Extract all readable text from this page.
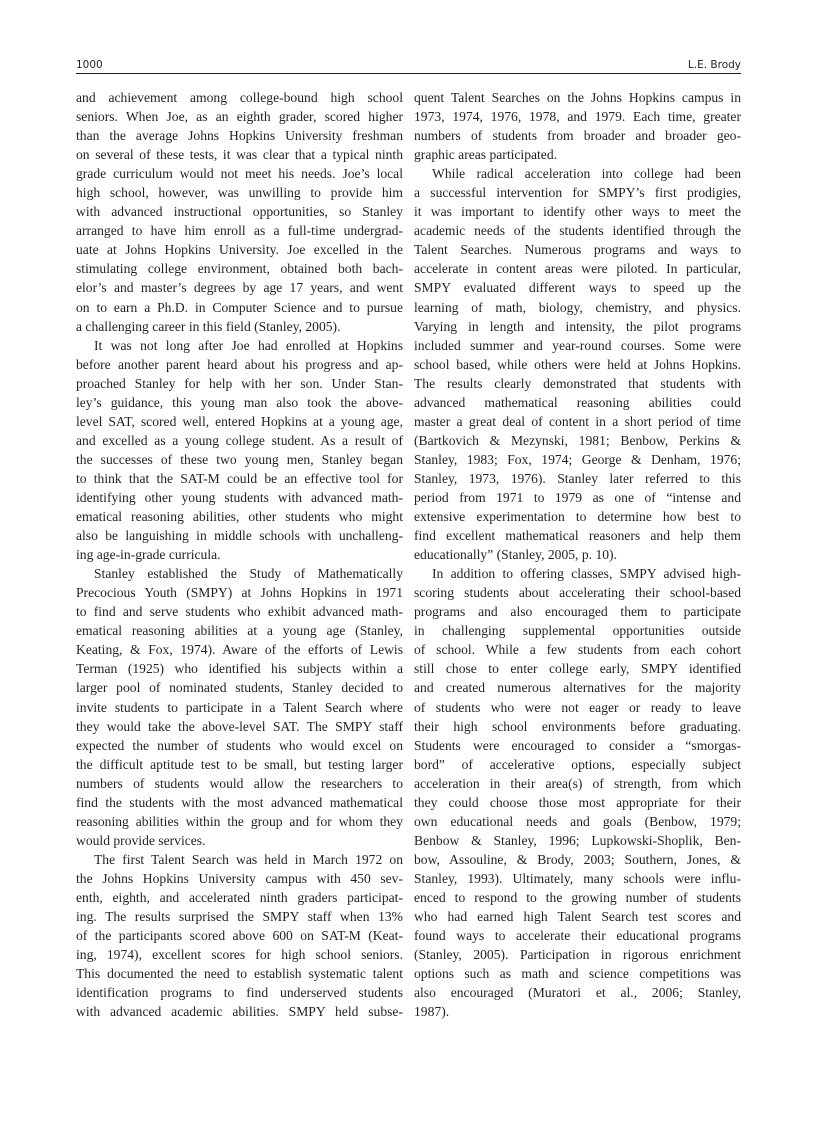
1000	L.E. Brody

and achievement among college-bound high school
seniors. When Joe, as an eighth grader, scored higher
than the average Johns Hopkins University freshman
on several of these tests, it was clear that a typical ninth
grade curriculum would not meet his needs. Joe’s local
high school, however, was unwilling to provide him
with advanced instructional opportunities, so Stanley
arranged to have him enroll as a full-time undergrad-
uate at Johns Hopkins University. Joe excelled in the
stimulating college environment, obtained both bach-
elor’s and master’s degrees by age 17 years, and went
on to earn a Ph.D. in Computer Science and to pursue
a challenging career in this field (Stanley, 2005).

It was not long after Joe had enrolled at Hopkins
before another parent heard about his progress and ap-
proached Stanley for help with her son. Under Stan-
ley’s guidance, this young man also took the above-
level SAT, scored well, entered Hopkins at a young age,
and excelled as a young college student. As a result of
the successes of these two young men, Stanley began
to think that the SAT-M could be an effective tool for
identifying other young students with advanced math-
ematical reasoning abilities, other students who might
also be languishing in middle schools with unchalleng-
ing age-in-grade curricula.

Stanley established the Study of Mathematically
Precocious Youth (SMPY) at Johns Hopkins in 1971
to find and serve students who exhibit advanced math-
ematical reasoning abilities at a young age (Stanley,
Keating, & Fox, 1974). Aware of the efforts of Lewis
Terman (1925) who identified his subjects within a
larger pool of nominated students, Stanley decided to
invite students to participate in a Talent Search where
they would take the above-level SAT. The SMPY staff
expected the number of students who would excel on
the difficult aptitude test to be small, but testing larger
numbers of students would allow the researchers to
find the students with the most advanced mathematical
reasoning abilities within the group and for whom they
would provide services.

The first Talent Search was held in March 1972 on
the Johns Hopkins University campus with 450 sev-
enth, eighth, and accelerated ninth graders participat-
ing. The results surprised the SMPY staff when 13%
of the participants scored above 600 on SAT-M (Keat-
ing, 1974), excellent scores for high school seniors.
This documented the need to establish systematic talent
identification programs to find underserved students
with advanced academic abilities. SMPY held subse-

quent Talent Searches on the Johns Hopkins campus in
1973, 1974, 1976, 1978, and 1979. Each time, greater
numbers of students from broader and broader geo-
graphic areas participated.

While radical acceleration into college had been
a successful intervention for SMPY’s first prodigies,
it was important to identify other ways to meet the
academic needs of the students identified through the
Talent Searches. Numerous programs and ways to
accelerate in content areas were piloted. In particular,
SMPY evaluated different ways to speed up the
learning of math, biology, chemistry, and physics.
Varying in length and intensity, the pilot programs
included summer and year-round courses. Some were
school based, while others were held at Johns Hopkins.
The results clearly demonstrated that students with
advanced mathematical reasoning abilities could
master a great deal of content in a short period of time
(Bartkovich & Mezynski, 1981; Benbow, Perkins &
Stanley, 1983; Fox, 1974; George & Denham, 1976;
Stanley, 1973, 1976). Stanley later referred to this
period from 1971 to 1979 as one of “intense and
extensive experimentation to determine how best to
find excellent mathematical reasoners and help them
educationally” (Stanley, 2005, p. 10).

In addition to offering classes, SMPY advised high-
scoring students about accelerating their school-based
programs and also encouraged them to participate
in challenging supplemental opportunities outside
of school. While a few students from each cohort
still chose to enter college early, SMPY identified
and created numerous alternatives for the majority
of students who were not eager or ready to leave
their high school environments before graduating.
Students were encouraged to consider a “smorgas-
bord” of accelerative options, especially subject
acceleration in their area(s) of strength, from which
they could choose those most appropriate for their
own educational needs and goals (Benbow, 1979;
Benbow & Stanley, 1996; Lupkowski-Shoplik, Ben-
bow, Assouline, & Brody, 2003; Southern, Jones, &
Stanley, 1993). Ultimately, many schools were influ-
enced to respond to the growing number of students
who had earned high Talent Search test scores and
found ways to accelerate their educational programs
(Stanley, 2005). Participation in rigorous enrichment
options such as math and science competitions was
also encouraged (Muratori et al., 2006; Stanley,
1987).
